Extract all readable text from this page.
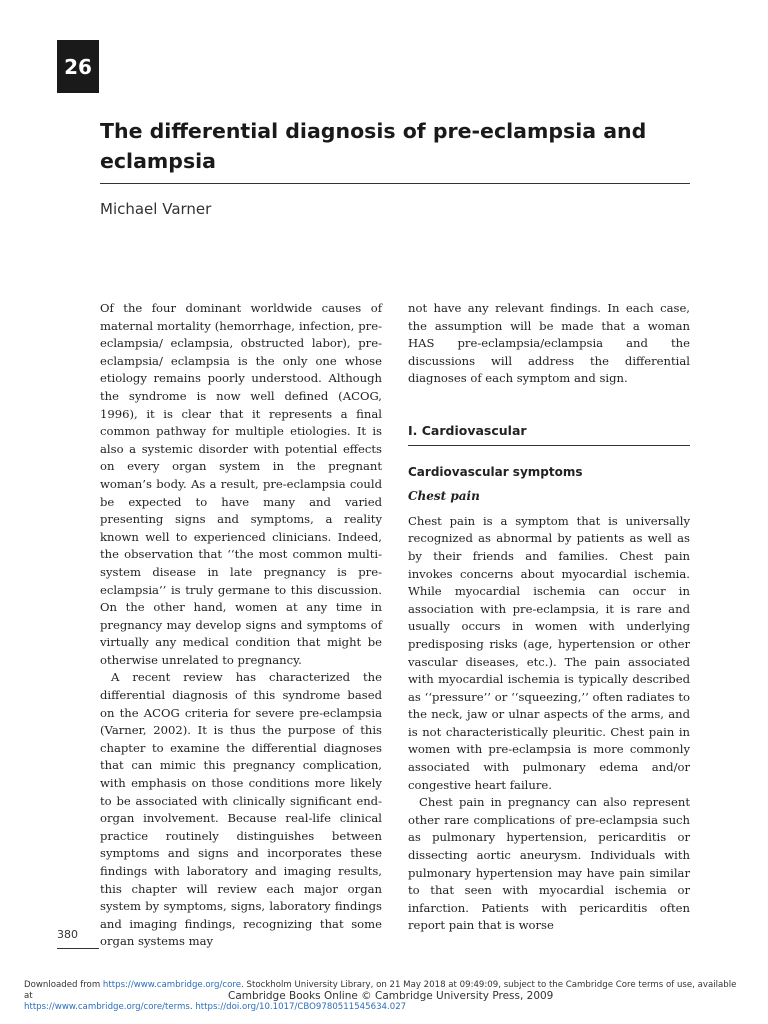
26
The differential diagnosis of pre-eclampsia and eclampsia
Michael Varner

Of the four dominant worldwide causes of maternal mortality (hemorrhage, infection, pre-eclampsia/ eclampsia, obstructed labor), pre-eclampsia/ eclampsia is the only one whose etiology remains poorly understood. Although the syndrome is now well defined (ACOG, 1996), it is clear that it represents a final common pathway for multiple etiologies. It is also a systemic disorder with potential effects on every organ system in the pregnant woman’s body. As a result, pre-eclampsia could be expected to have many and varied presenting signs and symptoms, a reality known well to experienced clinicians. Indeed, the observation that ‘‘the most common multi-system disease in late pregnancy is pre-eclampsia’’ is truly germane to this discussion. On the other hand, women at any time in pregnancy may develop signs and symptoms of virtually any medical condition that might be otherwise unrelated to pregnancy.

A recent review has characterized the differential diagnosis of this syndrome based on the ACOG criteria for severe pre-eclampsia (Varner, 2002). It is thus the purpose of this chapter to examine the differential diagnoses that can mimic this pregnancy complication, with emphasis on those conditions more likely to be associated with clinically significant end-organ involvement. Because real-life clinical practice routinely distinguishes between symptoms and signs and incorporates these findings with laboratory and imaging results, this chapter will review each major organ system by symptoms, signs, laboratory findings and imaging findings, recognizing that some organ systems may

not have any relevant findings. In each case, the assumption will be made that a woman HAS pre-eclampsia/eclampsia and the discussions will address the differential diagnoses of each symptom and sign.

I. Cardiovascular
Cardiovascular symptoms
Chest pain

Chest pain is a symptom that is universally recognized as abnormal by patients as well as by their friends and families. Chest pain invokes concerns about myocardial ischemia. While myocardial ischemia can occur in association with pre-eclampsia, it is rare and usually occurs in women with underlying predisposing risks (age, hypertension or other vascular diseases, etc.). The pain associated with myocardial ischemia is typically described as ‘‘pressure’’ or ‘‘squeezing,’’ often radiates to the neck, jaw or ulnar aspects of the arms, and is not characteristically pleuritic. Chest pain in women with pre-eclampsia is more commonly associated with pulmonary edema and/or congestive heart failure.

Chest pain in pregnancy can also represent other rare complications of pre-eclampsia such as pulmonary hypertension, pericarditis or dissecting aortic aneurysm. Individuals with pulmonary hypertension may have pain similar to that seen with myocardial ischemia or infarction. Patients with pericarditis often report pain that is worse

380
Downloaded from https://www.cambridge.org/core. Stockholm University Library, on 21 May 2018 at 09:49:09, subject to the Cambridge Core terms of use, available at
https://www.cambridge.org/core/terms. https://doi.org/10.1017/CBO9780511545634.027
Cambridge Books Online © Cambridge University Press, 2009
